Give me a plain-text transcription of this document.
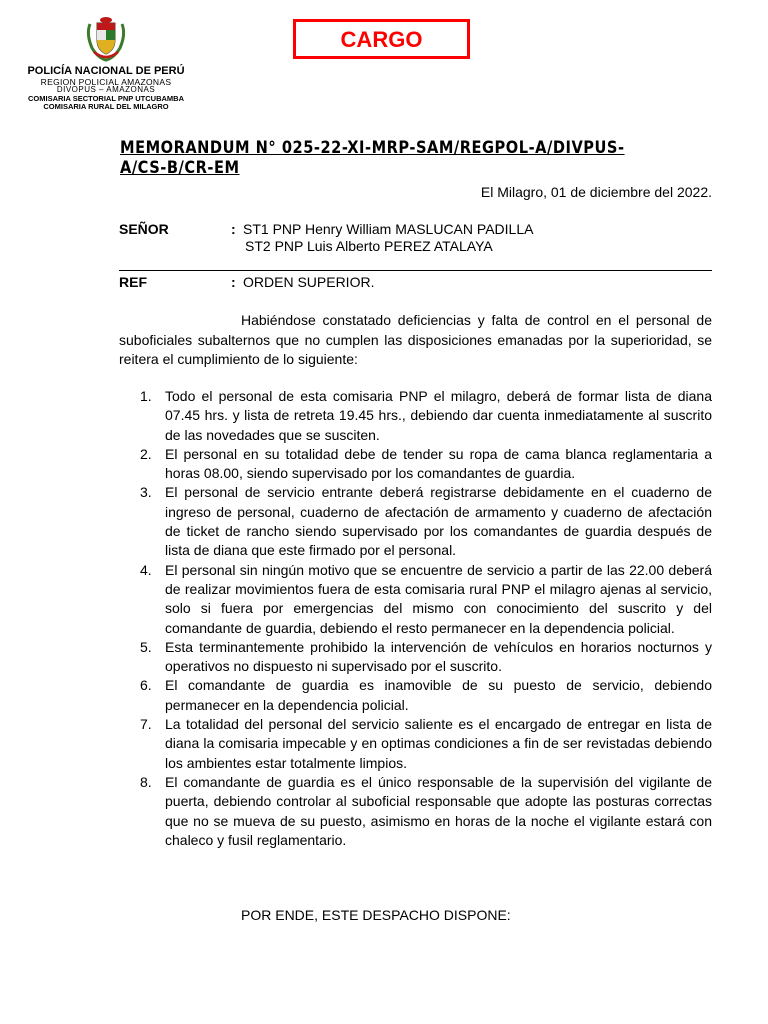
POLICÍA NACIONAL DE PERÚ
REGION POLICIAL AMAZONAS
DIVOPUS – AMAZONAS
COMISARIA SECTORIAL PNP UTCUBAMBA
COMISARIA RURAL DEL MILAGRO
CARGO
MEMORANDUM N° 025-22-XI-MRP-SAM/REGPOL-A/DIVPUS-A/CS-B/CR-EM
El Milagro, 01 de diciembre del 2022.
SEÑOR	: ST1 PNP Henry William MASLUCAN PADILLA
ST2 PNP Luis Alberto PEREZ ATALAYA
REF	: ORDEN SUPERIOR.
Habiéndose constatado deficiencias y falta de control en el personal de suboficiales subalternos que no cumplen las disposiciones emanadas por la superioridad, se reitera el cumplimiento de lo siguiente:
1. Todo el personal de esta comisaria PNP el milagro, deberá de formar lista de diana 07.45 hrs. y lista de retreta 19.45 hrs., debiendo dar cuenta inmediatamente al suscrito de las novedades que se susciten.
2. El personal en su totalidad debe de tender su ropa de cama blanca reglamentaria a horas 08.00, siendo supervisado por los comandantes de guardia.
3. El personal de servicio entrante deberá registrarse debidamente en el cuaderno de ingreso de personal, cuaderno de afectación de armamento y cuaderno de afectación de ticket de rancho siendo supervisado por los comandantes de guardia después de lista de diana que este firmado por el personal.
4. El personal sin ningún motivo que se encuentre de servicio a partir de las 22.00 deberá de realizar movimientos fuera de esta comisaria rural PNP el milagro ajenas al servicio, solo si fuera por emergencias del mismo con conocimiento del suscrito y del comandante de guardia, debiendo el resto permanecer en la dependencia policial.
5. Esta terminantemente prohibido la intervención de vehículos en horarios nocturnos y operativos no dispuesto ni supervisado por el suscrito.
6. El comandante de guardia es inamovible de su puesto de servicio, debiendo permanecer en la dependencia policial.
7. La totalidad del personal del servicio saliente es el encargado de entregar en lista de diana la comisaria impecable y en optimas condiciones a fin de ser revistadas debiendo los ambientes estar totalmente limpios.
8. El comandante de guardia es el único responsable de la supervisión del vigilante de puerta, debiendo controlar al suboficial responsable que adopte las posturas correctas que no se mueva de su puesto, asimismo en horas de la noche el vigilante estará con chaleco y fusil reglamentario.
POR ENDE, ESTE DESPACHO DISPONE:
